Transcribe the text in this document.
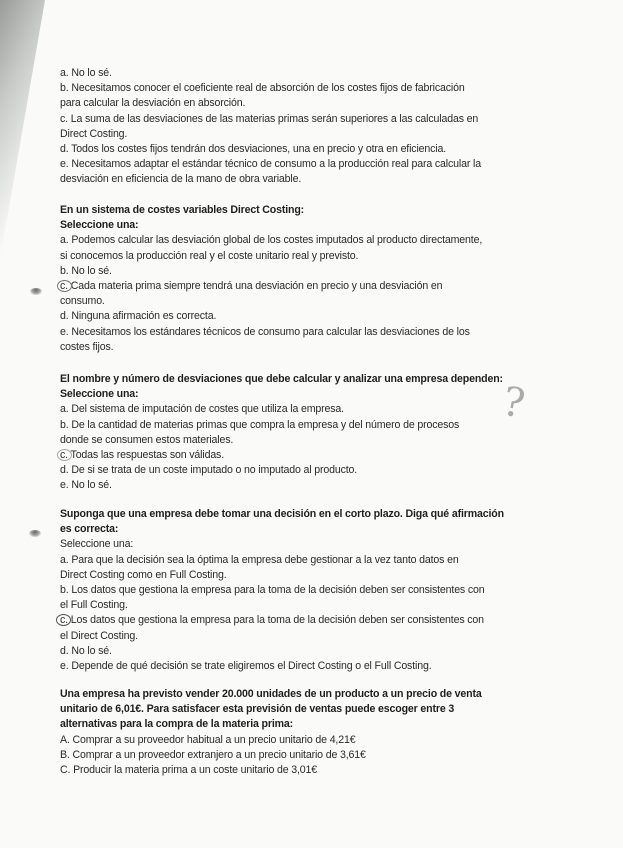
a. No lo sé.
b. Necesitamos conocer el coeficiente real de absorción de los costes fijos de fabricación
para calcular la desviación en absorción.
c. La suma de las desviaciones de las materias primas serán superiores a las calculadas en
Direct Costing.
d. Todos los costes fijos tendrán dos desviaciones, una en precio y otra en eficiencia.
e. Necesitamos adaptar el estándar técnico de consumo a la producción real para calcular la
desviación en eficiencia de la mano de obra variable.
En un sistema de costes variables Direct Costing:
Seleccione una:
a. Podemos calcular las desviación global de los costes imputados al producto directamente,
si conocemos la producción real y el coste unitario real y previsto.
b. No lo sé.
c. Cada materia prima siempre tendrá una desviación en precio y una desviación en
consumo.
d. Ninguna afirmación es correcta.
e. Necesitamos los estándares técnicos de consumo para calcular las desviaciones de los
costes fijos.
El nombre y número de desviaciones que debe calcular y analizar una empresa dependen:
Seleccione una:
a. Del sistema de imputación de costes que utiliza la empresa.
b. De la cantidad de materias primas que compra la empresa y del número de procesos
donde se consumen estos materiales.
c. Todas las respuestas son válidas.
d. De si se trata de un coste imputado o no imputado al producto.
e. No lo sé.
Suponga que una empresa debe tomar una decisión en el corto plazo. Diga qué afirmación
es correcta:
Seleccione una:
a. Para que la decisión sea la óptima la empresa debe gestionar a la vez tanto datos en
Direct Costing como en Full Costing.
b. Los datos que gestiona la empresa para la toma de la decisión deben ser consistentes con
el Full Costing.
c. Los datos que gestiona la empresa para la toma de la decisión deben ser consistentes con
el Direct Costing.
d. No lo sé.
e. Depende de qué decisión se trate eligiremos el Direct Costing o el Full Costing.
Una empresa ha previsto vender 20.000 unidades de un producto a un precio de venta
unitario de 6,01€. Para satisfacer esta previsión de ventas puede escoger entre 3
alternativas para la compra de la materia prima:
A. Comprar a su proveedor habitual a un precio unitario de 4,21€
B. Comprar a un proveedor extranjero a un precio unitario de 3,61€
C. Producir la materia prima a un coste unitario de 3,01€
?
